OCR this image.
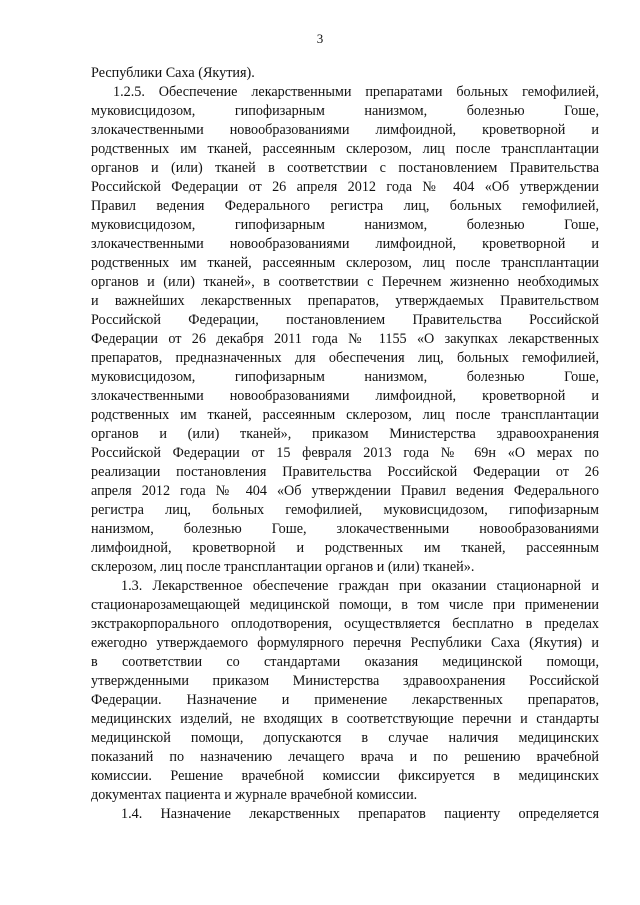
3
Республики Саха (Якутия).
1.2.5. Обеспечение лекарственными препаратами больных гемофилией,
муковисцидозом, гипофизарным нанизмом, болезнью Гоше,
злокачественными новообразованиями лимфоидной, кроветворной и
родственных им тканей, рассеянным склерозом, лиц после трансплантации
органов и (или) тканей в соответствии с постановлением Правительства
Российской Федерации от 26 апреля 2012 года № 404 «Об утверждении
Правил ведения Федерального регистра лиц, больных гемофилией,
муковисцидозом, гипофизарным нанизмом, болезнью Гоше,
злокачественными новообразованиями лимфоидной, кроветворной и
родственных им тканей, рассеянным склерозом, лиц после трансплантации
органов и (или) тканей», в соответствии с Перечнем жизненно необходимых
и важнейших лекарственных препаратов, утверждаемых Правительством
Российской Федерации, постановлением Правительства Российской
Федерации от 26 декабря 2011 года № 1155 «О закупках лекарственных
препаратов, предназначенных для обеспечения лиц, больных гемофилией,
муковисцидозом, гипофизарным нанизмом, болезнью Гоше,
злокачественными новообразованиями лимфоидной, кроветворной и
родственных им тканей, рассеянным склерозом, лиц после трансплантации
органов и (или) тканей», приказом Министерства здравоохранения
Российской Федерации от 15 февраля 2013 года № 69н «О мерах по
реализации постановления Правительства Российской Федерации от 26
апреля 2012 года № 404 «Об утверждении Правил ведения Федерального
регистра лиц, больных гемофилией, муковисцидозом, гипофизарным
нанизмом, болезнью Гоше, злокачественными новообразованиями
лимфоидной, кроветворной и родственных им тканей, рассеянным
склерозом, лиц после трансплантации органов и (или) тканей».
1.3. Лекарственное обеспечение граждан при оказании стационарной и
стационарозамещающей медицинской помощи, в том числе при применении
экстракорпорального оплодотворения, осуществляется бесплатно в пределах
ежегодно утверждаемого формулярного перечня Республики Саха (Якутия) и
в соответствии со стандартами оказания медицинской помощи,
утвержденными приказом Министерства здравоохранения Российской
Федерации. Назначение и применение лекарственных препаратов,
медицинских изделий, не входящих в соответствующие перечни и стандарты
медицинской помощи, допускаются в случае наличия медицинских
показаний по назначению лечащего врача и по решению врачебной
комиссии. Решение врачебной комиссии фиксируется в медицинских
документах пациента и журнале врачебной комиссии.
1.4. Назначение лекарственных препаратов пациенту определяется
